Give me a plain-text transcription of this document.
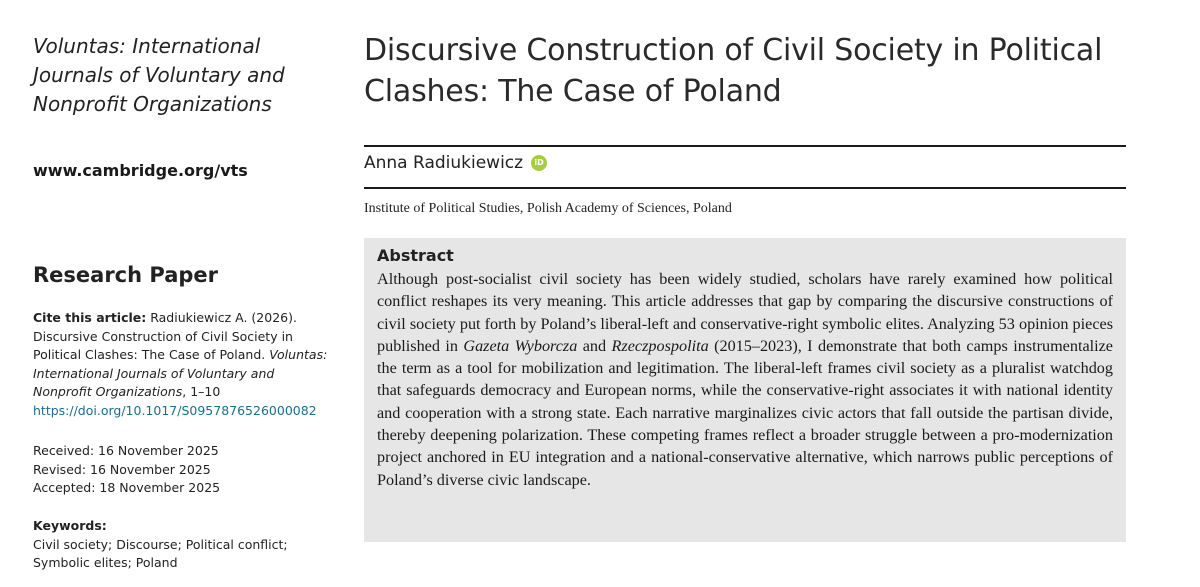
Voluntas: International Journals of Voluntary and Nonprofit Organizations
www.cambridge.org/vts
Research Paper
Cite this article: Radiukiewicz A. (2026). Discursive Construction of Civil Society in Political Clashes: The Case of Poland. Voluntas: International Journals of Voluntary and Nonprofit Organizations, 1–10
https://doi.org/10.1017/S0957876526000082
Received: 16 November 2025
Revised: 16 November 2025
Accepted: 18 November 2025
Keywords:
Civil society; Discourse; Political conflict; Symbolic elites; Poland
Discursive Construction of Civil Society in Political Clashes: The Case of Poland
Anna Radiukiewicz	iD
Institute of Political Studies, Polish Academy of Sciences, Poland
Abstract
Although post-socialist civil society has been widely studied, scholars have rarely examined how political conflict reshapes its very meaning. This article addresses that gap by comparing the discursive constructions of civil society put forth by Poland’s liberal-left and conservative-right symbolic elites. Analyzing 53 opinion pieces published in Gazeta Wyborcza and Rzeczpospolita (2015–2023), I demonstrate that both camps instrumentalize the term as a tool for mobilization and legitimation. The liberal-left frames civil society as a pluralist watchdog that safeguards democracy and European norms, while the conservative-right associates it with national identity and cooperation with a strong state. Each narrative marginalizes civic actors that fall outside the partisan divide, thereby deepening polarization. These competing frames reflect a broader struggle between a pro-modernization project anchored in EU integration and a national-conservative alternative, which narrows public perceptions of Poland’s diverse civic landscape.
